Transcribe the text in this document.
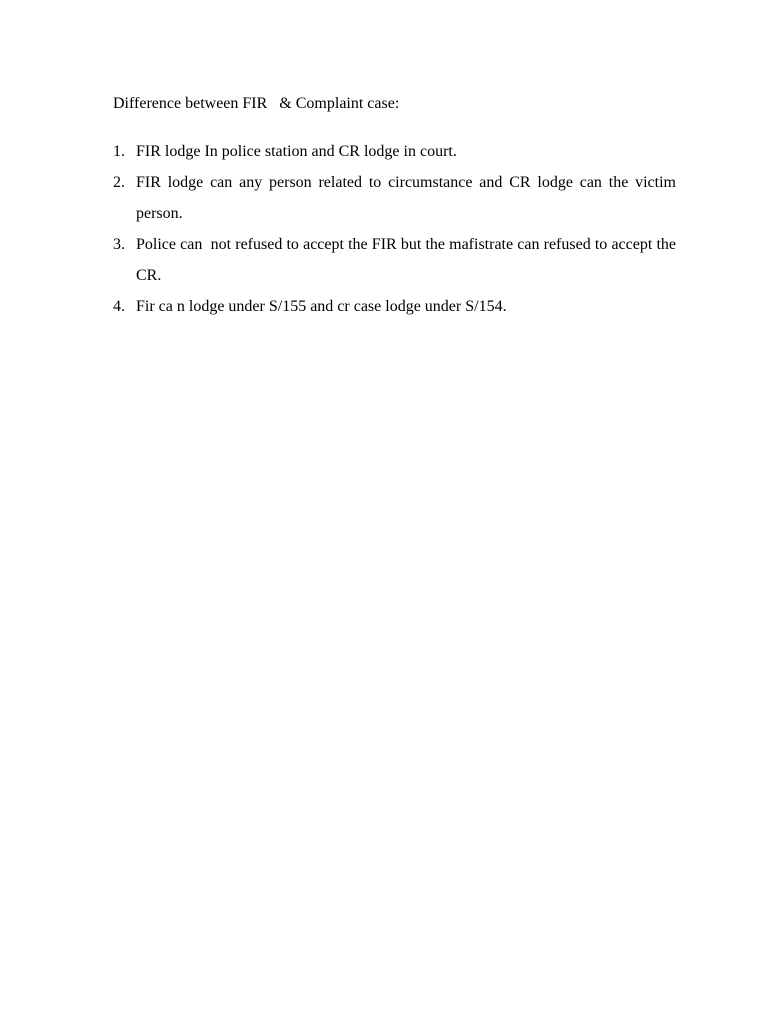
Difference between FIR   & Complaint case:

1. FIR lodge In police station and CR lodge in court.
2. FIR lodge can any person related to circumstance and CR lodge can the victim person.
3. Police can  not refused to accept the FIR but the mafistrate can refused to accept the CR.
4. Fir ca n lodge under S/155 and cr case lodge under S/154.
